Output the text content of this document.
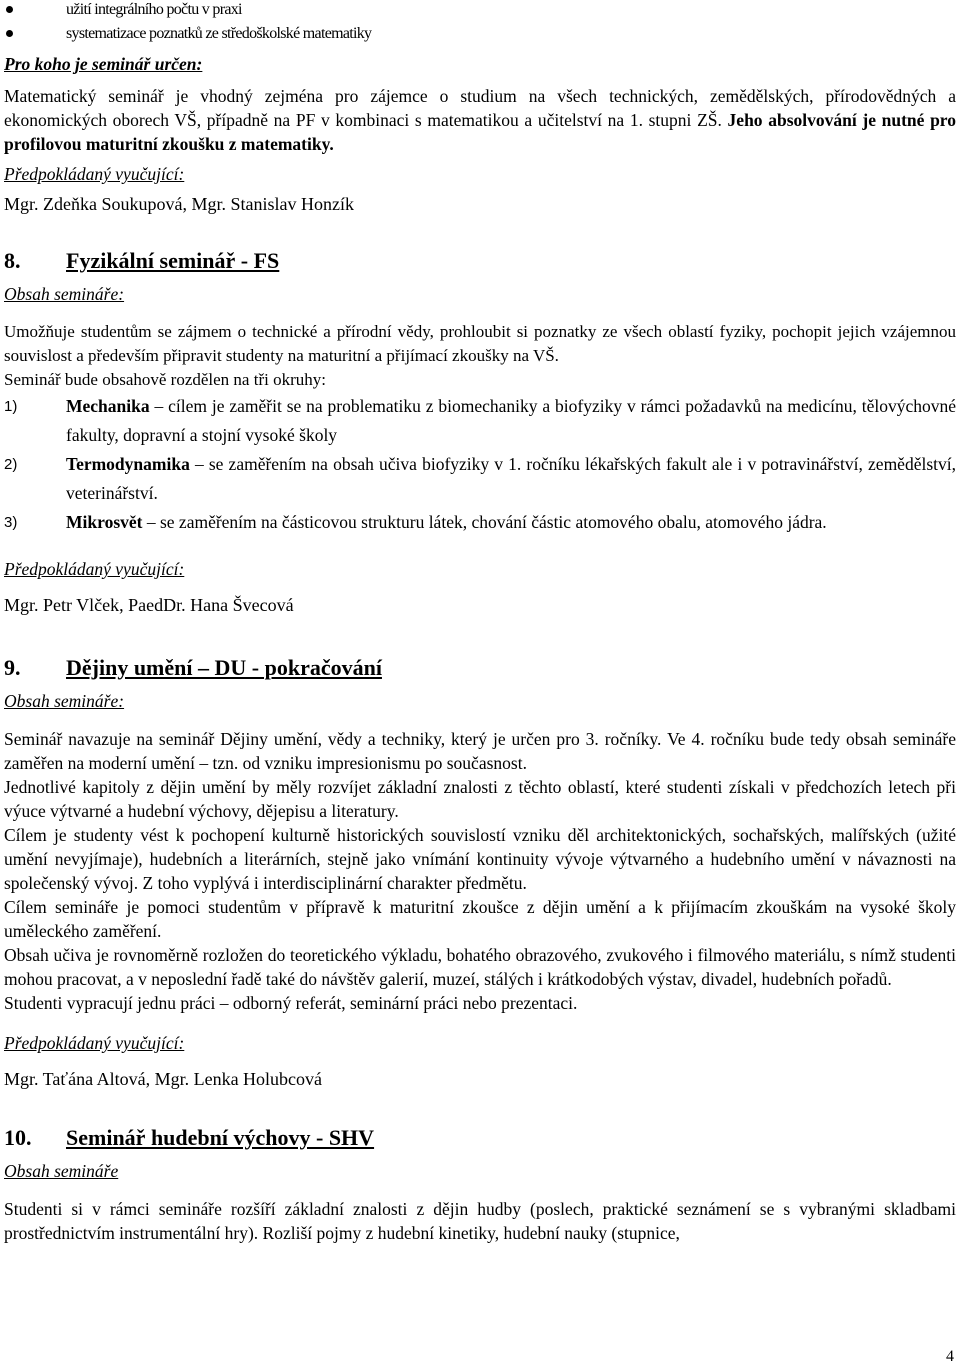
užití integrálního počtu v praxi
systematizace poznatků ze středoškolské matematiky
Pro koho je seminář určen:

Matematický seminář je vhodný zejména pro zájemce o studium na všech technických, zemědělských, přírodovědných a ekonomických oborech VŠ, případně na PF v kombinaci s matematikou a učitelství na 1. stupni ZŠ. Jeho absolvování je nutné pro profilovou maturitní zkoušku z matematiky.

Předpokládaný vyučující:
Mgr. Zdeňka Soukupová, Mgr. Stanislav Honzík
8.	Fyzikální seminář - FS
Obsah semináře:

Umožňuje studentům se zájmem o technické a přírodní vědy, prohloubit si poznatky ze všech oblastí fyziky, pochopit jejich vzájemnou souvislost a především připravit studenty na maturitní a přijímací zkoušky na VŠ.

Seminář bude obsahově rozdělen na tři okruhy:

1)	Mechanika – cílem je zaměřit se na problematiku z biomechaniky a biofyziky v rámci požadavků na medicínu, tělovýchovné fakulty, dopravní a stojní vysoké školy
2)	Termodynamika – se zaměřením na obsah učiva biofyziky v 1. ročníku lékařských fakult ale i v potravinářství, zemědělství, veterinářství.
3)	Mikrosvět – se zaměřením na částicovou strukturu látek, chování částic atomového obalu, atomového jádra.
Předpokládaný vyučující:
Mgr. Petr Vlček, PaedDr. Hana Švecová
9.	Dějiny umění – DU - pokračování
Obsah semináře:

Seminář navazuje na seminář Dějiny umění, vědy a techniky, který je určen pro 3. ročníky. Ve 4. ročníku bude tedy obsah semináře zaměřen na moderní umění – tzn. od vzniku impresionismu po současnost.

Jednotlivé kapitoly z dějin umění by měly rozvíjet základní znalosti z těchto oblastí, které studenti získali v předchozích letech při výuce výtvarné a hudební výchovy, dějepisu a literatury.

Cílem je studenty vést k pochopení kulturně historických souvislostí vzniku děl architektonických, sochařských, malířských (užité umění nevyjímaje), hudebních a literárních, stejně jako vnímání kontinuity vývoje výtvarného a hudebního umění v návaznosti na společenský vývoj. Z toho vyplývá i interdisciplinární charakter předmětu.

Cílem semináře je pomoci studentům v přípravě k maturitní zkoušce z dějin umění a k přijímacím zkouškám na vysoké školy uměleckého zaměření.

Obsah učiva je rovnoměrně rozložen do teoretického výkladu, bohatého obrazového, zvukového i filmového materiálu, s nímž studenti mohou pracovat, a v neposlední řadě také do návštěv galerií, muzeí, stálých i krátkodobých výstav, divadel, hudebních pořadů.

Studenti vypracují jednu práci – odborný referát, seminární práci nebo prezentaci.

Předpokládaný vyučující:
Mgr. Taťána Altová, Mgr. Lenka Holubcová
10.	Seminář hudební výchovy - SHV
Obsah semináře

Studenti si v rámci semináře rozšíří základní znalosti z dějin hudby (poslech, praktické seznámení se s vybranými skladbami prostřednictvím instrumentální hry). Rozliší pojmy z hudební kinetiky, hudební nauky (stupnice,

4
